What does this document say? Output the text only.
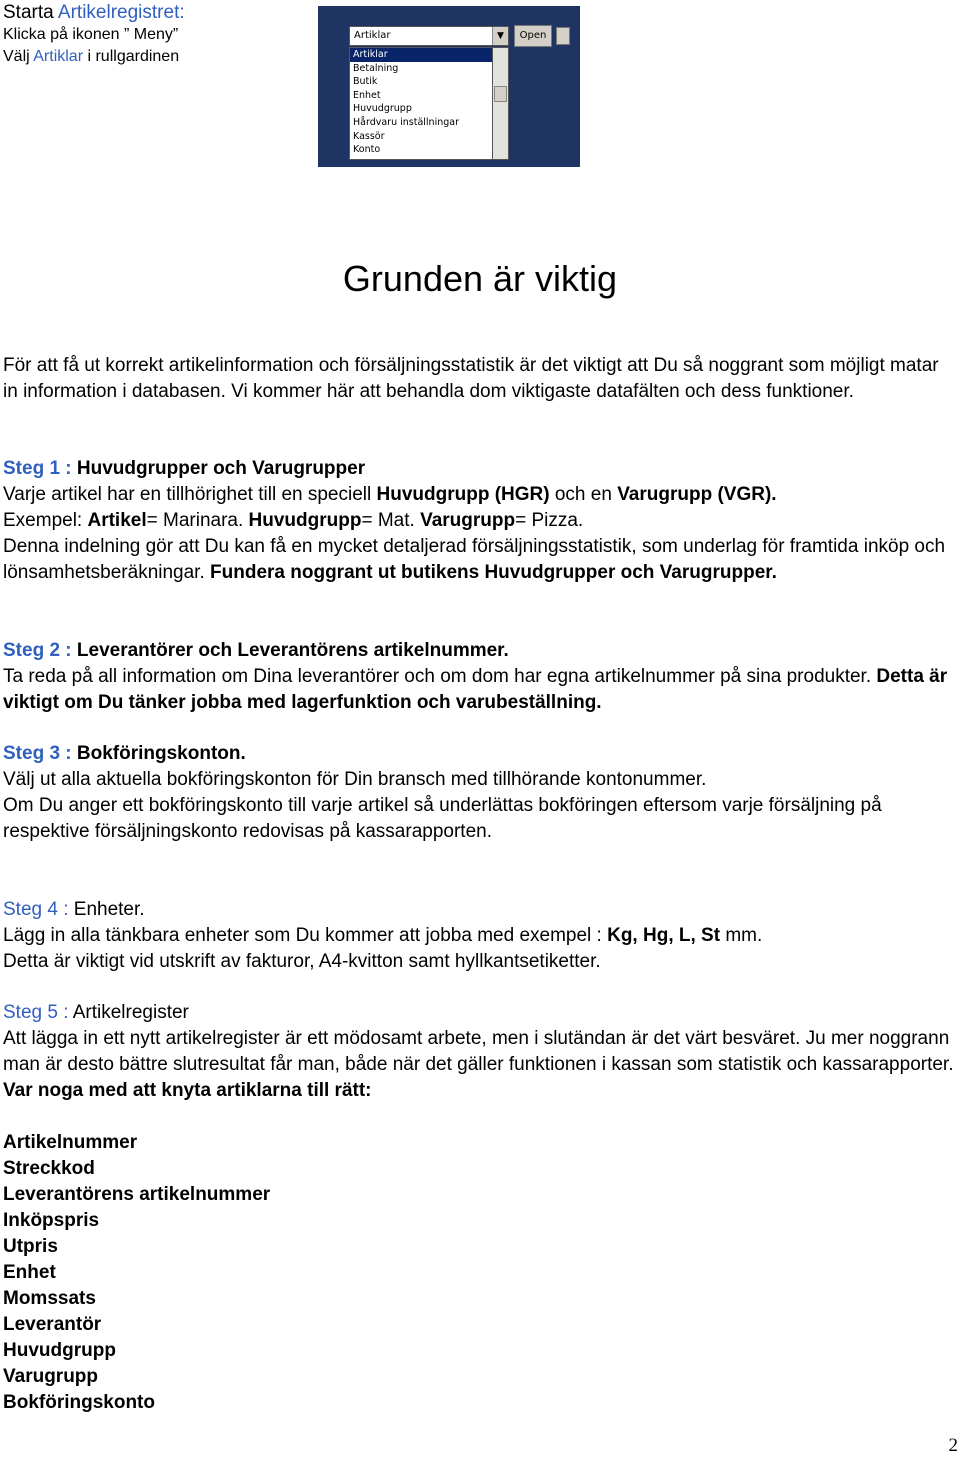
Starta Artikelregistret:
Klicka på ikonen ” Meny”
Välj Artiklar i rullgardinen
Artiklar	▼	Open
Artiklar
Betalning
Butik
Enhet
Huvudgrupp
Hårdvaru inställningar
Kassör
Konto
Grunden är viktig
För att få ut korrekt artikelinformation och försäljningsstatistik är det viktigt att Du så noggrant som möjligt matar in information i databasen. Vi kommer här att behandla dom viktigaste datafälten och dess funktioner.
Steg 1 : Huvudgrupper och Varugrupper
Varje artikel har en tillhörighet till en speciell Huvudgrupp (HGR) och en Varugrupp (VGR).
Exempel: Artikel= Marinara. Huvudgrupp= Mat. Varugrupp= Pizza.
Denna indelning gör att Du kan få en mycket detaljerad försäljningsstatistik, som underlag för framtida inköp och lönsamhetsberäkningar. Fundera noggrant ut butikens Huvudgrupper och Varugrupper.
Steg 2 : Leverantörer och Leverantörens artikelnummer.
Ta reda på all information om Dina leverantörer och om dom har egna artikelnummer på sina produkter. Detta är viktigt om Du tänker jobba med lagerfunktion och varubeställning.
Steg 3 : Bokföringskonton.
Välj ut alla aktuella bokföringskonton för Din bransch med tillhörande kontonummer.
Om Du anger ett bokföringskonto till varje artikel så underlättas bokföringen eftersom varje försäljning på respektive försäljningskonto redovisas på kassarapporten.
Steg 4 : Enheter.
Lägg in alla tänkbara enheter som Du kommer att jobba med exempel : Kg, Hg, L, St mm.
Detta är viktigt vid utskrift av fakturor, A4-kvitton samt hyllkantsetiketter.
Steg 5 : Artikelregister
Att lägga in ett nytt artikelregister är ett mödosamt arbete, men i slutändan är det värt besväret. Ju mer noggrann man är desto bättre slutresultat får man, både när det gäller funktionen i kassan som statistik och kassarapporter. Var noga med att knyta artiklarna till rätt:
Artikelnummer
Streckkod
Leverantörens artikelnummer
Inköpspris
Utpris
Enhet
Momssats
Leverantör
Huvudgrupp
Varugrupp
Bokföringskonto
2
